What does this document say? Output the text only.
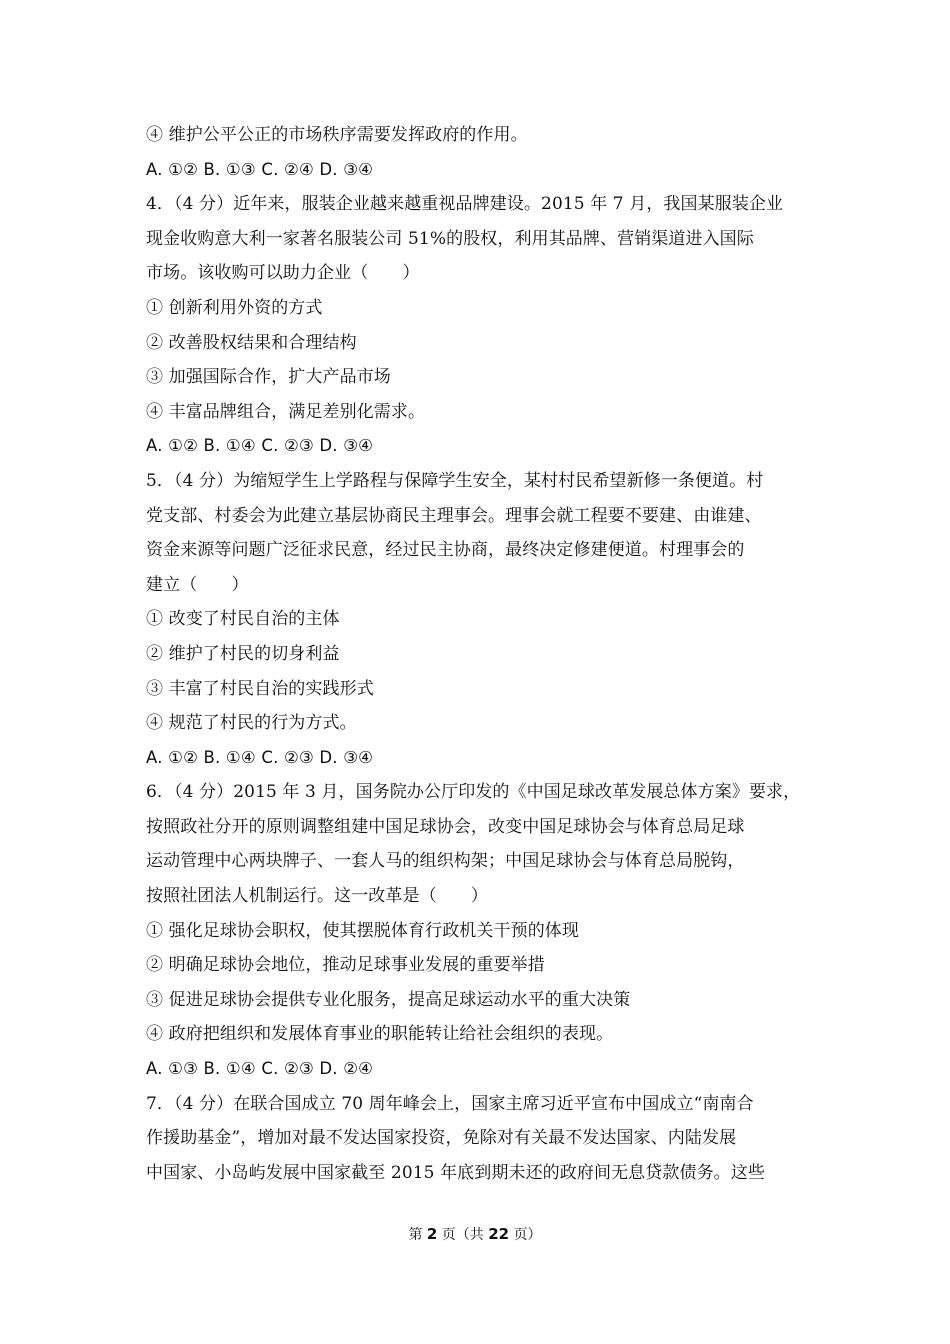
④ 维护公平公正的市场秩序需要发挥政府的作用。
A. ①② B. ①③ C. ②④ D. ③④
4．（4 分）近年来，服装企业越来越重视品牌建设。2015 年 7 月，我国某服装企业
现金收购意大利一家著名服装公司 51%的股权，利用其品牌、营销渠道进入国际
市场。该收购可以助力企业（　　）
① 创新利用外资的方式
② 改善股权结果和合理结构
③ 加强国际合作，扩大产品市场
④ 丰富品牌组合，满足差别化需求。
A. ①② B. ①④ C. ②③ D. ③④
5．（4 分）为缩短学生上学路程与保障学生安全，某村村民希望新修一条便道。村
党支部、村委会为此建立基层协商民主理事会。理事会就工程要不要建、由谁建、
资金来源等问题广泛征求民意，经过民主协商，最终决定修建便道。村理事会的
建立（　　）
① 改变了村民自治的主体
② 维护了村民的切身利益
③ 丰富了村民自治的实践形式
④ 规范了村民的行为方式。
A. ①② B. ①④ C. ②③ D. ③④
6．（4 分）2015 年 3 月，国务院办公厅印发的《中国足球改革发展总体方案》要求，
按照政社分开的原则调整组建中国足球协会，改变中国足球协会与体育总局足球
运动管理中心两块牌子、一套人马的组织构架；中国足球协会与体育总局脱钩，
按照社团法人机制运行。这一改革是（　　）
① 强化足球协会职权，使其摆脱体育行政机关干预的体现
② 明确足球协会地位，推动足球事业发展的重要举措
③ 促进足球协会提供专业化服务，提高足球运动水平的重大决策
④ 政府把组织和发展体育事业的职能转让给社会组织的表现。
A. ①③ B. ①④ C. ②③ D. ②④
7．（4 分）在联合国成立 70 周年峰会上，国家主席习近平宣布中国成立“南南合
作援助基金”，增加对最不发达国家投资，免除对有关最不发达国家、内陆发展
中国家、小岛屿发展中国家截至 2015 年底到期未还的政府间无息贷款债务。这些
第 2 页（共 22 页）
